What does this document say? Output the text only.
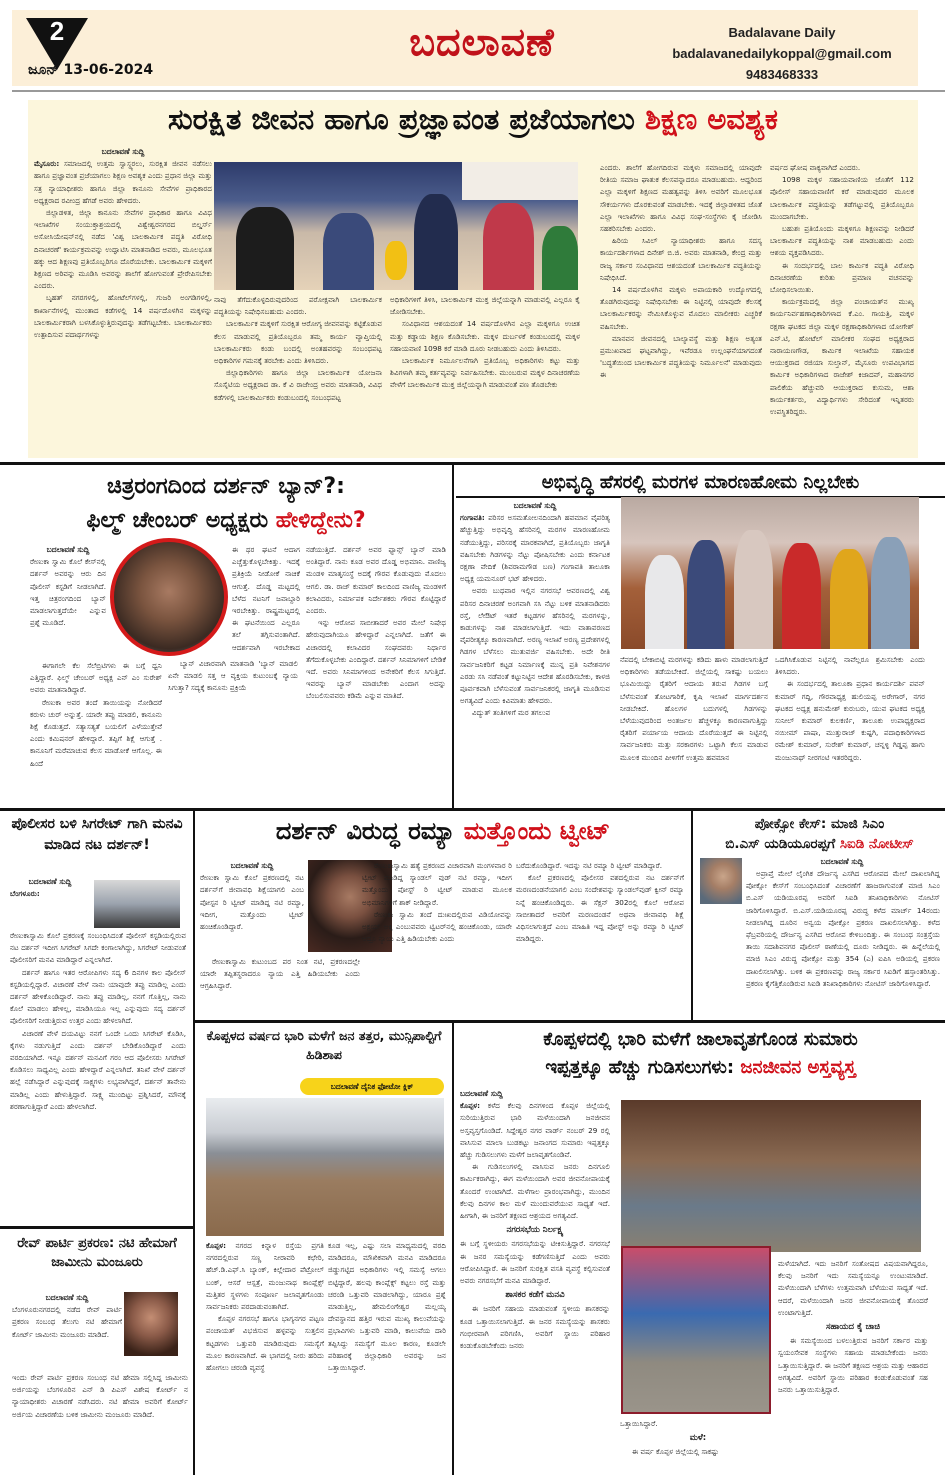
2
ಜೂನ್ 13-06-2024
ಬದಲಾವಣೆ	Badalavane Daily
badalavanedailykoppal@gmail.com
9483468333
ಸುರಕ್ಷಿತ ಜೀವನ ಹಾಗೂ ಪ್ರಜ್ಞಾವಂತ ಪ್ರಜೆಯಾಗಲು ಶಿಕ್ಷಣ ಅವಶ್ಯಕ
ಬದಲಾವಣೆ ಸುದ್ದಿ
ಮೈಸೂರು: ಸಮಾಜದಲ್ಲಿ ಉತ್ತಮ ಸ್ವಾಸ್ಥ್ಯರಲು, ಸುರಕ್ಷಿತ ಜೀವನ ನಡೆಸಲು ಹಾಗೂ ಪ್ರಜ್ಞಾವಂತ ಪ್ರಜೆಯಾಗಲು ಶಿಕ್ಷಣ ಅವಶ್ಯಕ ಎಂದು ಪ್ರಧಾನ ಜಿಲ್ಲಾ ಮತ್ತು ಸತ್ರ ನ್ಯಾಯಾಧೀಶರು ಹಾಗೂ ಜಿಲ್ಲಾ ಕಾನೂನು ಸೇವೆಗಳ ಪ್ರಾಧಿಕಾರದ ಅಧ್ಯಕ್ಷರಾದ ರವೀಂದ್ರ ಹೆಗಡೆ ಅವರು ಹೇಳಿದರು.
ಜಿಲ್ಲಾಡಳಿತ, ಜಿಲ್ಲಾ ಕಾನೂನು ಸೇವೆಗಳ ಪ್ರಾಧಿಕಾರ ಹಾಗೂ ವಿವಿಧ ಇಲಾಖೆಗಳ ಸಂಯುಕ್ತಾಶ್ರಯದಲ್ಲಿ ವಿಶ್ವೇಶ್ವರನಗರದ ಬಿಲ್ಡರ್ಸ್ ಅಸೋಸಿಯೇಷನ್‌ನಲ್ಲಿ ನಡೆದ 'ವಿಶ್ವ ಬಾಲಕಾರ್ಮಿಕ ಪದ್ಧತಿ ವಿರೋಧಿ ದಿನಾಚರಣೆ' ಕಾರ್ಯಕ್ರಮವನ್ನು ಉದ್ಘಾಟಿಸಿ ಮಾತನಾಡಿದ ಅವರು, ಮೂಲಭೂತ ಹಕ್ಕು ಆದ ಶಿಕ್ಷಣವು ಪ್ರತಿಯೊಬ್ಬರಿಗೂ ದೊರೆಯಬೇಕು. ಬಾಲಕಾರ್ಮಿಕ ಮಕ್ಕಳಿಗೆ ಶಿಕ್ಷಣದ ಅರಿವನ್ನು ಮೂಡಿಸಿ ಅವರನ್ನು ಶಾಲೆಗೆ ಹೋಗುವಂತೆ ಪ್ರೇರೇಪಿಸಬೇಕು ಎಂದರು.
ಬೃಹತ್ ನಗರಗಳಲ್ಲಿ, ಹೋಟೆಲ್‌ಗಳಲ್ಲಿ, ಗುಜರಿ ಅಂಗಡಿಗಳಲ್ಲಿ, ಕಾರ್ಖಾನೆಗಳಲ್ಲಿ ಮುಂತಾದ ಕಡೆಗಳಲ್ಲಿ 14 ವರ್ಷದೊಳಗಿನ ಮಕ್ಕಳನ್ನು ಬಾಲಕಾರ್ಮಿಕರಾಗಿ ಬಳಸಿಕೊಳ್ಳುತ್ತಿರುವುದನ್ನು ತಡೆಗಟ್ಟಬೇಕು. ಬಾಲಕಾರ್ಮಿಕರು ಉತ್ಪಾದಿಸುವ ಪದಾರ್ಥಗಳನ್ನು
ನಾವು ತೆಗೆದುಕೊಳ್ಳದಿರುವುದರಿಂದ ಪರೋಕ್ಷವಾಗಿ ಬಾಲಕಾರ್ಮಿಕ ಪದ್ಧತಿಯನ್ನು ನಿಷೇಧಿಸಬಹುದು ಎಂದರು.
ಬಾಲಕಾರ್ಮಿಕ ಮಕ್ಕಳಿಗೆ ಸುರಕ್ಷಿತ ಆರೋಗ್ಯ ಜೀವನವನ್ನು ಕಟ್ಟಿಕೊಡುವ ಕೆಲಸ ಮಾಡುವಲ್ಲಿ ಪ್ರತಿಯೊಬ್ಬರೂ ತಮ್ಮ ಕಾರ್ಯ ವ್ಯಾಪ್ತಿಯಲ್ಲಿ ಬಾಲಕಾರ್ಮಿಕರು ಕಂಡು ಬಂದಲ್ಲಿ ಅಂತಹವರನ್ನು ಸಂಬಂಧಪಟ್ಟ ಅಧಿಕಾರಿಗಳ ಗಮನಕ್ಕೆ ತರಬೇಕು ಎಂದು ತಿಳಿಸಿದರು.
ಜಿಲ್ಲಾಧಿಕಾರಿಗಳು ಹಾಗೂ ಜಿಲ್ಲಾ ಬಾಲಕಾರ್ಮಿಕ ಯೋಜನಾ ಸೊಸೈಟಿಯ ಅಧ್ಯಕ್ಷರಾದ ಡಾ. ಕೆ ವಿ ರಾಜೇಂದ್ರ ಅವರು ಮಾತನಾಡಿ, ವಿವಿಧ ಕಡೆಗಳಲ್ಲಿ ಬಾಲಕಾರ್ಮಿಕರು ಕಂಡುಬಂದಲ್ಲಿ ಸಂಬಂಧಪಟ್ಟ
ಅಧಿಕಾರಿಗಳಿಗೆ ತಿಳಿಸಿ, ಬಾಲಕಾರ್ಮಿಕ ಮುಕ್ತ ಜಿಲ್ಲೆಯನ್ನಾಗಿ ಮಾಡುವಲ್ಲಿ ಎಲ್ಲರೂ ಕೈ ಜೋಡಿಸಬೇಕು.
ಸಂವಿಧಾನದ ಆಶಯದಂತೆ 14 ವರ್ಷದೊಳಗಿನ ಎಲ್ಲಾ ಮಕ್ಕಳಿಗೂ ಉಚಿತ ಮತ್ತು ಕಡ್ಡಾಯ ಶಿಕ್ಷಣ ಕೊಡಿಸಬೇಕು. ಮಕ್ಕಳ ದುರ್ಬಳಕೆ ಕಂಡುಬಂದಲ್ಲಿ ಮಕ್ಕಳ ಸಹಾಯವಾಣಿ 1098 ಕರೆ ಮಾಡಿ ದೂರು ನೀಡಬಹುದು ಎಂದು ತಿಳಿಸಿದರು.
ಬಾಲಕಾರ್ಮಿಕ ನಿರ್ಮೂಲನೆಗಾಗಿ ಪ್ರತಿಯೊಬ್ಬ ಅಧಿಕಾರಿಗಳು ಕಟ್ಟು ಮತ್ತು ಶಿವಿಗಳಾಗಿ ತಮ್ಮ ಕರ್ತವ್ಯವನ್ನು ನಿರ್ವಹಿಸಬೇಕು. ಮುಂಬರುವ ಮಕ್ಕಳ ದಿನಾಚರಣೆಯ ವೇಳೆಗೆ ಬಾಲಕಾರ್ಮಿಕ ಮುಕ್ತ ಜಿಲ್ಲೆಯನ್ನಾಗಿ ಮಾಡುವಂತೆ ಪಣ ತೊಡಬೇಕು
ಎಂದರು. ಶಾಲೆಗೆ ಹೋಗದಿರುವ ಮಕ್ಕಳು ಸಮಾಜದಲ್ಲಿ ಯಾವುದೇ ರೀತಿಯ ಸಮಾಜ ಘಾತುಕ ಕೆಲಸವನ್ನಾದರೂ ಮಾಡಬಹುದು. ಆದ್ದರಿಂದ ಎಲ್ಲಾ ಮಕ್ಕಳಿಗೆ ಶಿಕ್ಷಣದ ಮಹತ್ವವನ್ನು ತಿಳಿಸಿ ಅವರಿಗೆ ಮೂಲಭೂತ ಸೌಕರ್ಯಗಳು ದೊರಕುವಂತೆ ಮಾಡಬೇಕು. ಇದಕ್ಕೆ ಜಿಲ್ಲಾಡಳಿತದ ಜೊತೆ ಎಲ್ಲಾ ಇಲಾಖೆಗಳು ಹಾಗೂ ವಿವಿಧ ಸಂಘ-ಸಂಸ್ಥೆಗಳು ಕೈ ಜೋಡಿಸಿ ಸಹಕರಿಸಬೇಕು ಎಂದರು.
ಹಿರಿಯ ಸಿವಿಲ್ ನ್ಯಾಯಾಧೀಶರು ಹಾಗೂ ಸದಸ್ಯ ಕಾರ್ಯದರ್ಶಿಗಳಾದ ದಿನೇಶ್ ಬಿ.ಜಿ. ಅವರು ಮಾತನಾಡಿ, ಕೇಂದ್ರ ಮತ್ತು ರಾಜ್ಯ ಸರ್ಕಾರ ಸಂವಿಧಾನದ ಆಶಯದಂತೆ ಬಾಲಕಾರ್ಮಿಕ ಪದ್ಧತಿಯನ್ನು ನಿಷೇಧಿಸಿದೆ.
14 ವರ್ಷದೊಳಗಿನ ಮಕ್ಕಳು ಅಪಾಯಕಾರಿ ಉದ್ಯೋಗದಲ್ಲಿ ತೊಡಗಿರುವುದನ್ನು ನಿಷೇಧಿಸಬೇಕು ಈ ನಿಟ್ಟಿನಲ್ಲಿ ಯಾವುದೇ ಕೆಲಸಕ್ಕೆ ಬಾಲಕಾರ್ಮಿಕರನ್ನು ನೇಮಿಸಿಕೊಳ್ಳುವ ಮೊದಲು ಮಾಲೀಕರು ಎಚ್ಚರಿಕೆ ವಹಿಸಬೇಕು.
ಮಾನವನ ಜೀವನದಲ್ಲಿ ಬಾಲ್ಯಾವಸ್ಥೆ ಮತ್ತು ಶಿಕ್ಷಣ ಅತ್ಯಂತ ಪ್ರಮುಖವಾದ ಘಟ್ಟವಾಗಿದ್ದು, ಇವೆರಡೂ ಉಲ್ಲಂಘನೆಯಾಗದಂತೆ 'ಬದ್ಧತೆಯಿಂದ ಬಾಲಕಾರ್ಮಿಕ ಪದ್ಧತಿಯನ್ನು ನಿರ್ಮೂಲನೆ' ಮಾಡುವುದು ಈ
ವರ್ಷದ ಘೋಷ ವಾಕ್ಯವಾಗಿದೆ ಎಂದರು.
1098 ಮಕ್ಕಳ ಸಹಾಯವಾಣಿಯ ಜೊತೆಗೆ 112 ಪೊಲೀಸ್ ಸಹಾಯವಾಣಿಗೆ ಕರೆ ಮಾಡುವುದರ ಮೂಲಕ ಬಾಲಕಾರ್ಮಿಕ ಪದ್ಧತಿಯನ್ನು ತಡೆಗಟ್ಟುವಲ್ಲಿ ಪ್ರತಿಯೊಬ್ಬರೂ ಮುಂದಾಗಬೇಕು.
ಬಹುಶಃ ಪ್ರತಿಯೊಂದು ಮಕ್ಕಳಿಗೂ ಶಿಕ್ಷಣವನ್ನು ನೀಡಿದರೆ ಬಾಲಕಾರ್ಮಿಕ ಪದ್ಧತಿಯನ್ನು ನಾಶ ಮಾಡಬಹುದು ಎಂದು ಆಶಯ ವ್ಯಕ್ತಪಡಿಸಿದರು.
ಈ ಸಂದರ್ಭದಲ್ಲಿ ಬಾಲ ಕಾರ್ಮಿಕ ಪದ್ಧತಿ ವಿರೋಧಿ ದಿನಾಚರಣೆಯ ಕುರಿತು ಪ್ರಮಾಣ ವಚನವನ್ನು ಬೋಧಿಸಲಾಯಿತು.
ಕಾರ್ಯಕ್ರಮದಲ್ಲಿ ಜಿಲ್ಲಾ ಪಂಚಾಯತ್‌ನ ಮುಖ್ಯ ಕಾರ್ಯನಿರ್ವಹಣಾಧಿಕಾರಿಗಳಾದ ಕೆ.ಎಂ. ಗಾಯತ್ರಿ, ಮಕ್ಕಳ ರಕ್ಷಣಾ ಘಟಕದ ಜಿಲ್ಲಾ ಮಕ್ಕಳ ರಕ್ಷಣಾಧಿಕಾರಿಗಳಾದ ಯೋಗೇಶ್ ಎನ್.ಟಿ, ಹೋಟೆಲ್ ಮಾಲೀಕರ ಸಂಘದ ಅಧ್ಯಕ್ಷರಾದ ನಾರಾಯಣಗೌಡ, ಕಾರ್ಮಿಕ ಇಲಾಖೆಯ ಸಹಾಯಕ ಆಯುಕ್ತರಾದ ರಜಿಯಾ ಸುಲ್ತಾನ್, ಮೈಸೂರು ಉಪವಿಭಾಗದ ಕಾರ್ಮಿಕ ಅಧಿಕಾರಿಗಳಾದ ರಾಜೇಶ್ ಕಿಜಾದವ್, ಮಹಾನಗರ ಪಾಲಿಕೆಯ ಹೆಚ್ಚುವರಿ ಆಯುಕ್ತರಾದ ಕುಸುಮ, ಆಶಾ ಕಾರ್ಯಕರ್ತರು, ವಿದ್ಯಾರ್ಥಿಗಳು ಸೇರಿದಂತೆ ಇನ್ನಿತರರು ಉಪಸ್ಥಿತರಿದ್ದರು.
ಚಿತ್ರರಂಗದಿಂದ ದರ್ಶನ್ ಬ್ಯಾನ್?:
ಫಿಲ್ಮ್ ಚೇಂಬರ್ ಅಧ್ಯಕ್ಷರು ಹೇಳಿದ್ದೇನು?
ಬದಲಾವಣೆ ಸುದ್ದಿ
ರೇಣುಕಾ ಸ್ವಾಮಿ ಕೊಲೆ ಕೇಸ್‌ನಲ್ಲಿ ದರ್ಶನ್ ಅವರನ್ನು ಆರು ದಿನ ಪೊಲೀಸ್ ಕಸ್ಟಡಿಗೆ ನೀಡಲಾಗಿದೆ. ಇತ್ತ ಚಿತ್ರರಂಗದಿಂದ ಬ್ಯಾನ್ ಮಾಡಲಾಗುತ್ತದೆಯೇ ಎನ್ನುವ ಪ್ರಶ್ನೆ ಮೂಡಿದೆ.
ಈಗಾಗಲೇ ಕೆಲ ಸೆಲೆಬ್ರಿಟಿಗಳು ಈ ಬಗ್ಗೆ ಧ್ವನಿ ಎತ್ತಿದ್ದಾರೆ. ಫಿಲ್ಮ್ ಚೇಂಬರ್ ಅಧ್ಯಕ್ಷ ಎನ್ ಎಂ ಸುರೇಶ್ ಅವರು ಮಾತನಾಡಿದ್ದಾರೆ.
ರೇಣುಕಾ ಅವರ ತಂದೆ ತಾಯಿಯನ್ನು ನೋಡಿದರೆ ಕರುಳು ಚುರ್ ಅನ್ನುತ್ತೆ. ಯಾರೇ ತಪ್ಪು ಮಾಡಲಿ, ಕಾನೂನು ಶಿಕ್ಷೆ ಕೊಡುತ್ತದೆ. ಸತ್ಯಾಸತ್ಯತೆ ಬಯಲಿಗೆ ಎಳೆಯುತ್ತೇವೆ ಎಂದು ಕಮಿಷನರ್ ಹೇಳಿದ್ದಾರೆ. ತಪ್ಪಿಗೆ ಶಿಕ್ಷೆ ಆಗುತ್ತೆ . ಕಾನೂನಿಗೆ ಮರೆಮಾಚುವ ಕೆಲಸ ಮಾಡೋಕೆ ಆಗೊಲ್ಲ. ಈ ಹಿಂದೆ
ಬ್ಯಾನ್ ವಿಚಾರವಾಗಿ ಮಾತನಾಡಿ 'ಬ್ಯಾನ್ ಮಾಡಲಿ ಏನೇ ಮಾಡಲಿ ಸತ್ತ ಆ ವ್ಯಕ್ತಿಯ ಕುಟುಂಬಕ್ಕೆ ನ್ಯಾಯ ಸಿಗುತ್ತಾ? ಸದ್ಯಕ್ಕೆ ಕಾನೂನು ಪ್ರಕ್ರಿಯೆ
ಈ ಥರ ಘಟನೆ ಆದಾಗ ಎಚ್ಚೆತ್ತುಕೊಳ್ಳಬೇಕಿತ್ತು. ಇದಕ್ಕೆ ಪ್ರತಿಕ್ರಿಯೆ ನೀಡೋಕೆ ನಾಚಿಕೆ ಆಗುತ್ತೆ. ದೊಡ್ಡ ಮಟ್ಟದಲ್ಲಿ ಬೆಳೆದ ನಟನಿಗೆ ಜವಾಬ್ದಾರಿ ಇರಬೇಕಿತ್ತು. ರಾಷ್ಟ್ರಮಟ್ಟದಲ್ಲಿ ಈ ಘಟನೆಯಿಂದ ಎಲ್ಲರೂ ತಲೆ ತಗ್ಗಿಸುವಂತಾಗಿದೆ. ಆದರ್ಶವಾಗಿ ಇರಬೇಕಾದ
ನಡೆಯುತ್ತಿದೆ. ದರ್ಶನ್ ಅವರ ಫ್ಯಾನ್ಸ್ ಬ್ಯಾನ್ ಮಾಡಿ ಅಂತಿದ್ದಾರೆ. ನಾನು ಕೂಡ ಅವರ ದೊಡ್ಡ ಅಭಿಮಾನಿ. ವಾಣಿಜ್ಯ ಮಂಡಳಿ ಮಾತೃಸಂಸ್ಥೆ ಅದಕ್ಕೆ ಗೌರವ ಕೊಡುವುದು ಮೊದಲು ಆಗಲಿ. ಡಾ. ರಾಜ್ ಕುಮಾರ್ ಕಾಲದಿಂದ ವಾಣಿಜ್ಯ ಮಂಡಳಿಗೆ ಕಲಾವಿದರು, ನಿರ್ಮಾಪಕ ನಿರ್ದೇಶಕರು ಗೌರವ ಕೊಟ್ಟಿದ್ದಾರೆ ಎಂದರು.
ಇನ್ನು ಆರೋಪ ಸಾಬೀತಾದರೆ ಅವರ ಮೇಲೆ ನಿಷೇಧ ಹೇರುವುದಾಗಿಯೂ ಹೇಳಿದ್ದಾರೆ ಎನ್ನಲಾಗಿದೆ. ಜತೆಗೆ ಈ ವಿಚಾರದಲ್ಲಿ ಕಲಾವಿದರ ಸಂಘದವರು ನಿರ್ಧಾರ ತೆಗೆದುಕೊಳ್ಳಬೇಕು ಎಂದಿದ್ದಾರೆ. ದರ್ಶನ್ ಸಿನಿಮಾಗಳಿಗೆ ಬೇಡಿಕೆ ಇದೆ. ಅವರು ಸಿನಿಮಾಗಳಿಂದ ಅನೇಕರಿಗೆ ಕೆಲಸ ಸಿಗುತ್ತಿದೆ. ಇವರನ್ನು ಬ್ಯಾನ್ ಮಾಡಬೇಕು ಎಂದಾಗ ಅದನ್ನು ಬೆಂಬಲಿಸುವವರು ಕಡಿಮೆ ಎನ್ನುವ ಮಾತಿದೆ.
ಅಭಿವೃದ್ಧಿ ಹೆಸರಲ್ಲಿ ಮರಗಳ ಮಾರಣಹೋಮ ನಿಲ್ಲಬೇಕು
ಬದಲಾವಣೆ ಸುದ್ದಿ
ಗಂಗಾವತಿ: ಪರಿಸರ ಅಸಮತೋಲನದಿಂದಾಗಿ ಹವಮಾನ ವೈಪರಿತ್ಯ ಹೆಚ್ಚುತ್ತಿದ್ದು ಅಭಿವೃದ್ಧಿ ಹೆಸರಿನಲ್ಲಿ ಮರಗಳ ಮಾರಣಹೋಮ ನಡೆಯುತ್ತಿದ್ದು, ಪರಿಸರಕ್ಕೆ ಮಾರಕವಾಗಿದೆ, ಪ್ರತಿಯೊಬ್ಬರು ಜಾಗೃತಿ ವಹಿಸಬೇಕು ಗಿಡಗಳನ್ನು ನೆಟ್ಟು ಪೋಷಿಸಬೇಕು ಎಂದು ಕರ್ನಾಟಕ ರಕ್ಷಣಾ ವೇದಿಕೆ (ಶಿವರಾಮಗೌಡ ಬಣ) ಗಂಗಾವತಿ ತಾಲೂಕಾ ಅಧ್ಯಕ್ಷ ಯಮನೂರ್ ಭಟ್ ಹೇಳಿದರು.
ಅವರು ಬುಧವಾರ ಇಲ್ಲಿನ ನಗರಸಭೆ ಆವರಣದಲ್ಲಿ ವಿಶ್ವ ಪರಿಸರ ದಿನಾಚರಣೆ ಅಂಗವಾಗಿ ಸಸಿ ನೆಟ್ಟು ಬಳಿಕ ಮಾತನಾಡಿದರು ರಸ್ತೆ, ಲೇಔಟ್ ಇತರೆ ಕಟ್ಟಡಗಳ ಹೆಸರಿನಲ್ಲಿ ಮರಗಳನ್ನು, ಕಾಡುಗಳನ್ನು ನಾಶ ಮಾಡಲಾಗುತ್ತಿದೆ. ಇದು ವಾತಾವರಣದ ವೈಪರೀತ್ಯಕ್ಕೂ ಕಾರಣವಾಗಿದೆ. ಅರಣ್ಯ ಇಲಾಖೆ ಅರಣ್ಯ ಪ್ರದೇಶಗಳಲ್ಲಿ ಗಿಡಗಳ ಬೆಳೆಸಲು ಮುತುವರ್ಜಿ ವಹಿಸಬೇಕು. ಅದೇ ರೀತಿ ಸಾರ್ವಜನಿಕರಿಗೆ ಕಟ್ಟಡ ನಿರ್ಮಾಣಕ್ಕೆ ಮುನ್ನ ಪ್ರತಿ ನಿವೇಶನಗಳ ಎರಡು ಸಸಿ ನಡೆವಂತೆ ಕಟ್ಟುನಿಟ್ಟಿನ ಆದೇಶ ಹೊರಡಿಸಬೇಕು, ಕಾಳಜಿ ಪೂರ್ವಕವಾಗಿ ಬೆಳೆಸುವಂತೆ ಸಾರ್ವಜನಿಕರಲ್ಲಿ ಜಾಗೃತಿ ಮೂಡಿಸುವ ಅಗತ್ಯವಿದೆ ಎಂದು ಕಿವಿಮಾತು ಹೇಳಿದರು.
ವಿದ್ಯುತ್ ತಂತಿಗಳಿಗೆ ಮರ ತಗಲುವ
ನೆಪದಲ್ಲಿ ಬೇಕಾಬಿಟ್ಟಿ ಮರಗಳನ್ನು ಕಡಿದು ಹಾಳು ಮಾಡಲಾಗುತ್ತಿದೆ ಅಧಿಕಾರಿಗಳು ತಡೆಯಬೇಕಿದೆ. ಜಿಲ್ಲೆಯಲ್ಲಿ ಸಾಕಷ್ಟು ಬಯಲು ಭೂಮಿಯಿದ್ದು ರೈತರಿಗೆ ಆದಾಯ ತರುವ ಗಿಡಗಳ ಬಗ್ಗೆ ಬೆಳೆಸುವಂತೆ ತೋಟಗಾರಿಕೆ, ಕೃಷಿ ಇಲಾಖೆ ಮಾರ್ಗದರ್ಶನ ನೀಡಬೇಕಿದೆ. ಹೊಲಗಳ ಬದುಗಳಲ್ಲಿ ಗಿಡಗಳನ್ನು ಬೆಳೆಯುವುದರಿಂದ ಅಂತರ್ಜಲ ಹೆಚ್ಚಳಕ್ಕೂ ಕಾರಣವಾಗುತ್ತಿದ್ದು ರೈತರಿಗೆ ಪರ್ಯಾಯ ಆದಾಯ ದೊರೆಯುತ್ತದೆ ಈ ನಿಟ್ಟಿನಲ್ಲಿ ಸಾರ್ವಜನಿಕರು ಮತ್ತು ಸರಕಾರಗಳು ಒಟ್ಟಾಗಿ ಕೆಲಸ ಮಾಡುವ ಮೂಲಕ ಮುಂದಿನ ಪೀಳಿಗೆಗೆ ಉತ್ತಮ ಹವಮಾನ
ಒದಗಿಸಿಕೊಡುವ ನಿಟ್ಟಿನಲ್ಲಿ ನಾವೆಲ್ಲರೂ ಶ್ರಮಿಸಬೇಕು ಎಂದು ತಿಳಿಸಿದರು.
ಈ ಸಂದರ್ಭದಲ್ಲಿ ತಾಲೂಕಾ ಪ್ರಧಾನ ಕಾರ್ಯದರ್ಶಿ ಪವನ್ ಕುಮಾರ್ ಗದ್ದಿ, ಗೌರವಾಧ್ಯಕ್ಷ ಹುಲಿಯಪ್ಪ ಅರೇಗಾರ್, ನಗರ ಘಟಕದ ಅಧ್ಯಕ್ಷ ಹನುಮೇಶ್ ಕುರುಬರು, ಯುವ ಘಟಕದ ಅಧ್ಯಕ್ಷ ಸುನೀಲ್ ಕುಮಾರ್ ಕುಲಕರ್ಣಿ, ತಾಲೂಕು ಉಪಾಧ್ಯಕ್ಷರಾದ ನಯೀಮ್ ಪಾಷಾ, ಮುತ್ತುರಾಜ್ ಕುಷ್ಟಗಿ, ಪದಾಧಿಕಾರಿಗಳಾದ ರಮೇಶ್ ಕುಮಾರ್, ಸುರೇಶ್ ಕುಮಾರ್, ಚನ್ನಳ್ಳಿ ಗಿಡ್ಡಪ್ಪ ಹಾಗು ಮಂಜುನಾಥ್ ನೀರಗಂಟಿ ಇತರರಿದ್ದರು.
ಪೊಲೀಸರ ಬಳಿ ಸಿಗರೇಟ್ ಗಾಗಿ ಮನವಿ ಮಾಡಿದ ನಟ ದರ್ಶನ್!
ಬದಲಾವಣೆ ಸುದ್ದಿ
ಬೆಂಗಳೂರು:
ರೇಣುಕಾಸ್ವಾಮಿ ಕೊಲೆ ಪ್ರಕರಣಕ್ಕೆ ಸಂಬಂಧಿಸಿದಂತೆ ಪೊಲೀಸ್ ಕಸ್ಟಡಿಯಲ್ಲಿರುವ ನಟ ದರ್ಶನ್ ಇದೀಗ ಸಿಗರೇಟ್ ಸಿಗದೇ ಕಂಗಾಲಾಗಿದ್ದು, ಸಿಗರೇಟ್ ನೀಡುವಂತೆ ಪೊಲೀಸರಿಗೆ ಮನವಿ ಮಾಡಿದ್ದಾರೆ ಎನ್ನಲಾಗಿದೆ.
ದರ್ಶನ್ ಹಾಗೂ ಇತರ ಆರೋಪಿಗಳು ಸದ್ಯ 6 ದಿನಗಳ ಕಾಲ ಪೊಲೀಸ್ ಕಸ್ಟಡಿಯಲ್ಲಿದ್ದಾರೆ. ವಿಚಾರಣೆ ವೇಳೆ ನಾನು ಯಾವುದೇ ತಪ್ಪು ಮಾಡಿಲ್ಲ ಎಂದು ದರ್ಶನ್ ಹೇಳಿಕೊಂಡಿದ್ದಾರೆ. ನಾನು ತಪ್ಪು ಮಾಡಿಲ್ಲ, ನನಗೆ ಗೊತ್ತಿಲ್ಲ, ನಾನು ಕೊಲೆ ಮಾಡಲು ಹೇಳಿಲ್ಲ, ಮಾಡಿಸಿಯೂ ಇಲ್ಲ ಎನ್ನುವುದು ಸದ್ಯ ದರ್ಶನ್ ಪೊಲೀಸರಿಗೆ ನೀಡುತ್ತಿರುವ ಉತ್ತರ ಎಂದು ಹೇಳಲಾಗಿದೆ.
ವಿಚಾರಣೆ ವೇಳೆ ದಯವಿಟ್ಟು ನನಗೆ ಒಂದೇ ಒಂದು ಸಿಗರೇಟ್ ಕೊಡಿಸಿ, ಕೈಗಳು ನಡುಗುತ್ತಿದೆ ಎಂದು ದರ್ಶನ್ ಬೇಡಿಕೊಂಡಿದ್ದಾರೆ ಎಂದು ವರದಿಯಾಗಿದೆ. ಇನ್ನೂ ದರ್ಶನ್ ಮನವಿಗೆ ಗರಂ ಆದ ಪೊಲೀಸರು ಸಿಗರೇಟ್ ಕೊಡಿಸಲು ಸಾಧ್ಯವಿಲ್ಲ ಎಂದು ಹೇಳಿದ್ದಾರೆ ಎನ್ನಲಾಗಿದೆ. ತನಿಖೆ ವೇಳೆ ದರ್ಶನ್ ಹಲ್ಲೆ ನಡೆಸಿದ್ದಾರೆ ಎನ್ನುವುದಕ್ಕೆ ಸಾಕ್ಷ್ಯಗಳು ಲಭ್ಯವಾಗಿದ್ದರೆ, ದರ್ಶನ್ ತಾನೇನು ಮಾಡಿಲ್ಲ ಎಂದು ಹೇಳುತ್ತಿದ್ದಾರೆ. ಸಾಕ್ಷ್ಯ ಮುಂದಿಟ್ಟು ಪ್ರಶ್ನಿಸಿದರೆ, ಮೌನಕ್ಕೆ ಶರಣಾಗುತ್ತಿದ್ದಾರೆ ಎಂದು ಹೇಳಲಾಗಿದೆ.
ದರ್ಶನ್ ವಿರುದ್ಧ ರಮ್ಯಾ ಮತ್ತೊಂದು ಟ್ವೀಟ್
ಬದಲಾವಣೆ ಸುದ್ದಿ
ರೇಣುಕಾ ಸ್ವಾಮಿ ಕೊಲೆ ಪ್ರಕರಣದಲ್ಲಿ ನಟ ದರ್ಶನ್‌ಗೆ ಜೀವಾವಧಿ ಶಿಕ್ಷೆಯಾಗಲಿ ಎಂಬ ಪೋಸ್ಟನ ರಿ ಟ್ವೀಟ್ ಮಾಡಿದ್ದ ನಟಿ ರಮ್ಯಾ, ಇದೀಗ, ಮತ್ತೊಂದು ಟ್ವೀಟ್ ಹಂಚಿಕೊಂಡಿದ್ದಾರೆ.
ರೇಣುಕಾಸ್ವಾಮಿ ಕುಟುಂಬದ ಪರ ನಿಂತ ನಟಿ, ಪ್ರಕರಣದಲ್ಲೇ ಯಾರೇ ತಪ್ಪಿತಸ್ಥರಾದರೂ ನ್ಯಾಯ ಎತ್ತಿ ಹಿಡಿಯಬೇಕು ಎಂದು ಆಗ್ರಹಿಸಿದ್ದಾರೆ.
ರೇಣುಕಾಸ್ವಾಮಿ ಹತ್ಯೆ ಪ್ರಕರಣದ ವಿಚಾರವಾಗಿ ಮಂಗಳವಾರ ರಿ ಟ್ವೀಟ್ ಮಾಡಿದ್ದ ಸ್ಯಾಂಡಲ್ ವುಡ್ ನಟಿ ರಮ್ಯಾ, ಇದೀಗ ಮತ್ತೊಂದು ಪೋಸ್ಟ್ ರಿ ಟ್ವೀಟ್ ಮಾಡುವ ಮೂಲಕ ಅಭಿಮಾನಿಗಳಿಗೆ ಶಾಕ್ ನೀಡಿದ್ದಾರೆ.
ರೇಣುಕಾ ಸ್ವಾಮಿ ತಂದೆ ದುಃಖದಲ್ಲಿರುವ ವಿಡಿಯೋವನ್ನು ಅಕ್ಷಯ್ ಅಕ್ಕಿ ಎಂಬುವವರು ಟ್ವಿಟರ್‌ನಲ್ಲಿ ಹಂಚಿಕೊಂಡು, ಯಾರೇ ಆದ್ರೂ ನ್ಯಾಯ ಎತ್ತಿ ಹಿಡಿಯಬೇಕು ಎಂದು
ಬರೆದುಕೊಂಡಿದ್ದಾರೆ. ಇದನ್ನು ನಟಿ ರಮ್ಯಾ ರಿ ಟ್ವೀಟ್ ಮಾಡಿದ್ದಾರೆ.
ಕೊಲೆ ಪ್ರಕರಣದಲ್ಲಿ ಪೊಲೀಸರ ವಶದಲ್ಲಿರುವ ನಟ ದರ್ಶನ್‌ಗೆ ಮರಣದಂಡನೆಯಾಗಲಿ ಎಂಬ ಸಂದೇಶವನ್ನು ಸ್ಯಾಂಡಲ್‌ವುಡ್ ಕ್ವೀನ್ ರಮ್ಯಾ ನಿನ್ನೆ ಹಂಚಿಕೊಂಡಿದ್ದರು. ಈ ಸೆಕ್ಷನ್ 302ರಲ್ಲಿ ಕೊಲೆ ಆರೋಪ ಸಾಬೀತಾದರೆ ಅವರಿಗೆ ಮರಣದಂಡನೆ ಅಥವಾ ಜೀವಾವಧಿ ಶಿಕ್ಷೆ ವಿಧಿಸಲಾಗುತ್ತದೆ ಎಂಬ ಮಾಹಿತಿ ಇದ್ದ ಪೋಸ್ಟ್ ಅನ್ನು ರಮ್ಯಾ ರಿ ಟ್ವೀಟ್ ಮಾಡಿದ್ದರು.
ಪೋಕ್ಸೋ ಕೇಸ್: ಮಾಜಿ ಸಿಎಂ
ಬಿ.ಎಸ್ ಯಡಿಯೂರಪ್ಪಗೆ ಸಿಐಡಿ ನೋಟೀಸ್
ಬದಲಾವಣೆ ಸುದ್ದಿ
ಅಪ್ರಾಪ್ತೆ ಮೇಲೆ ಲೈಂಗಿಕ ದೌರ್ಜನ್ಯ ಎಸಗಿದ ಆರೋಪದ ಮೇಲೆ ದಾಖಲಾಗಿದ್ದ ಪೋಕ್ಸೋ ಕೇಸ್‌ಗೆ ಸಂಬಂಧಿಸಿದಂತೆ ವಿಚಾರಣೆಗೆ ಹಾಜರಾಗುವಂತೆ ಮಾಜಿ ಸಿಎಂ ಬಿ.ಎಸ್ ಯಡಿಯೂರಪ್ಪ ಅವರಿಗೆ ಸಿಐಡಿ ತನಿಖಾಧಿಕಾರಿಗಳು ನೋಟಿಸ್ ಜಾರಿಗೊಳಿಸಿದ್ದಾರೆ. ಬಿ.ಎಸ್.ಯಡಿಯೂರಪ್ಪ ವಿರುದ್ಧ ಕಳೆದ ಮಾರ್ಚ್ 14ರಂದು ನೀಡಲಾಗಿದ್ದ ದೂರಿನ ಅನ್ವಯ ಪೋಕ್ಸೋ ಪ್ರಕರಣ ದಾಖಲಿಸಲಾಗಿತ್ತು. ಕಳೆದ ಫೆಬ್ರವರಿಯಲ್ಲಿ ದೌರ್ಜನ್ಯ ಎಸಗಿದ ಆರೋಪ ಕೇಳಿಬಂದಿತ್ತು. ಈ ಸಂಬಂಧ ಸಂತ್ರಸ್ತೆಯ ತಾಯಿ ಸದಾಶಿವನಗರ ಪೊಲೀಸ್ ಠಾಣೆಯಲ್ಲಿ ದೂರು ನೀಡಿದ್ದರು. ಈ ಹಿನ್ನೆಲೆಯಲ್ಲಿ ಮಾಜಿ ಸಿಎಂ ವಿರುದ್ಧ ಪೋಕ್ಸೋ ಮತ್ತು 354 (ಎ) ಐಪಿಸಿ ಅಡಿಯಲ್ಲಿ ಪ್ರಕರಣ ದಾಖಲಿಸಲಾಗಿತ್ತು. ಬಳಿಕ ಈ ಪ್ರಕರಣವನ್ನು ರಾಜ್ಯ ಸರ್ಕಾರ ಸಿಐಡಿಗೆ ಹಸ್ತಾಂತರಿಸಿತ್ತು. ಪ್ರಕರಣ ಕೈಗೆತ್ತಿಕೊಂಡಿರುವ ಸಿಐಡಿ ತನಿಖಾಧಿಕಾರಿಗಳು ನೋಟಿಸ್ ಜಾರಿಗೊಳಿಸಿದ್ದಾರೆ.
ರೇವ್ ಪಾರ್ಟಿ ಪ್ರಕರಣ: ನಟಿ ಹೇಮಾಗೆ ಜಾಮೀನು ಮಂಜೂರು
ಬದಲಾವಣೆ ಸುದ್ದಿ
ಬೆಂಗಳೂರುನಗರದಲ್ಲಿ ನಡೆದ ರೇವ್ ಪಾರ್ಟಿ ಪ್ರಕರಣ ಸಂಬಂಧ ತೆಲುಗು ನಟಿ ಹೇಮಾಗೆ ಕೋರ್ಟ್ ಜಾಮೀನು ಮಂಜೂರು ಮಾಡಿದೆ.
ಇಂದು ರೇವ್ ಪಾರ್ಟಿ ಪ್ರಕರಣ ಸಂಬಂಧ ನಟಿ ಹೇಮಾ ಸಲ್ಲಿಸಿದ್ದ ಜಾಮೀನು ಅರ್ಜಿಯನ್ನು ಬೆಂಗಳೂರಿನ ಎನ್ ಡಿ ಪಿಎಸ್ ವಿಶೇಷ ಕೋರ್ಟ್ ನ ನ್ಯಾಯಾಧೀಶರು ವಿಚಾರಣೆ ನಡೆಸಿದರು. ನಟಿ ಹೇಮಾ ಅವರಿಗೆ ಕೋರ್ಟ್ ಅರ್ಜಿಯ ವಿಚಾರಣೆಯ ಬಳಿಕ ಜಾಮೀನು ಮಂಜೂರು ಮಾಡಿದೆ.
ಕೊಪ್ಪಳದ ವರ್ಷದ ಭಾರಿ ಮಳೆಗೆ ಜನ ತತ್ತರ, ಮುನ್ಸಿಪಾಲ್ಟಿಗೆ ಹಿಡಿಶಾಪ
ಬದಲಾವಣೆ ದೈನಿಕ ಫೋಟೋ ಕ್ಲಿಕ್
ಕೊಪ್ಪಳ: ನಗರದ ಕಿನ್ನಾಳ ರಸ್ತೆಯ ಪ್ರಗತಿ ನಗರದಲ್ಲಿರುವ ಸಣ್ಣ ನೀರಾವರಿ ಕಛೇರಿ, ಹೆಚ್.ಡಿ.ಎಫ್.ಸಿ ಬ್ಯಾಂಕ್, ಕಿಲ್ಲೇದಾರ ಪೆಟ್ರೋಲ್ ಬಂಕ್, ಆಸರೆ ಆಸ್ಪತ್ರೆ, ಮಂಜುನಾಥ ಕಾಂಪ್ಲೆಕ್ಸ್ ಮತ್ತಿತರ ಸ್ಥಳಗಳು ಸಂಪೂರ್ಣ ಜಲಾವೃತಗೊಂಡು ಸಾರ್ವಜನಿಕರು ಪರದಾಡುವಂತಾಗಿದೆ.
ಕೊಪ್ಪಳ ನಗರಸಭೆ ಹಾಗೂ ಭಾಗ್ಯನಗರ ಪಟ್ಟಣ ಪಂಚಾಯತ್ ವಿಭಜಿಸುವ ಹಳ್ಳವನ್ನು ಸುತ್ತಲಿನ ಕಟ್ಟಡಗಳು ಒತ್ತುವರಿ ಮಾಡಿರುವುದು ಸಮಸ್ಯೆಗೆ ಮೂಲ ಕಾರಣವಾಗಿದೆ. ಈ ಭಾಗದಲ್ಲಿ ನೀರು ಹರಿದು ಹೋಗಲು ಚರಂಡಿ ವ್ಯವಸ್ಥೆ
ಕೂಡ ಇಲ್ಲ, ಎಷ್ಟು ಸಲಾ ಮಾಧ್ಯಮದಲ್ಲಿ ವರದಿ ಮಾಡಿದರೂ, ಮೌಖಿಕವಾಗಿ ಮನವಿ ಮಾಡಿದರೂ ಜಿಡ್ಡುಗಟ್ಟಿದ ಅಧಿಕಾರಿಗಳು ಇಲ್ಲಿ ಸಮಸ್ಯೆ ಆಗಲು ಬಿಟ್ಟಿದ್ದಾರೆ, ಹಲವು ಕಾಂಪ್ಲೆಕ್ಸ್ ಕಟ್ಟಲು ರಸ್ತೆ ಮತ್ತು ಚರಂಡಿ ಒತ್ತುವರಿ ಮಾಡಲಾಗಿದ್ದು, ಯಾರೂ ಪ್ರಶ್ನೆ ಮಾಡುತ್ತಿಲ್ಲ, ಹೇಮಲಿಂಗೇಶ್ವರ ಮಲ್ಲಯ್ಯ ದೇವಸ್ಥಾನದ ಹತ್ತಿರ ಇರುವ ಮುಖ್ಯ ಕಾಲುವೆಯನ್ನು ಪ್ರಭಾವಿಗಳು ಒತ್ತುವರಿ ಮಾಡಿ, ಕಾಲುವೆಯ ದಾರಿ ತಪ್ಪಿಸಿದ್ದು ಸಮಸ್ಯೆಗೆ ಮೂಲ ಕಾರಣ, ಕೂಡಲೇ ಪರಿಹಾರಕ್ಕೆ ಜಿಲ್ಲಾಧಿಕಾರಿ ಅವರನ್ನು ಜನ ಒತ್ತಾಯಿಸಿದ್ದಾರೆ.
ಕೊಪ್ಪಳದಲ್ಲಿ ಭಾರಿ ಮಳೆಗೆ ಜಾಲಾವೃತಗೊಂಡ ಸುಮಾರು
ಇಪ್ಪತ್ತಕ್ಕೂ ಹೆಚ್ಚು ಗುಡಿಸಲುಗಳು: ಜನಜೀವನ ಅಸ್ತವ್ಯಸ್ತ
ಬದಲಾವಣೆ ಸುದ್ದಿ
ಕೊಪ್ಪಳ: ಕಳೆದ ಕೆಲವು ದಿನಗಳಿಂದ ಕೊಪ್ಪಳ ಜಿಲ್ಲೆಯಲ್ಲಿ ಸುರಿಯುತ್ತಿರುವ ಭಾರಿ ಮಳೆಯಿಂದಾಗಿ ಜನಜೀವನ ಅಸ್ತವ್ಯಸ್ತಗೊಂಡಿದೆ. ಸಿದ್ದೇಶ್ವರ ನಗರ ವಾರ್ಡ್ ನಂಬರ್ 29 ರಲ್ಲಿ ವಾಸಿಸುವ ಮಾಲಾ ಬುಡಕಟ್ಟು ಜನಾಂಗದ ಸುಮಾರು ಇಪ್ಪತ್ತಕ್ಕೂ ಹೆಚ್ಚು ಗುಡಿಸಲುಗಳು ಮಳೆಗೆ ಜಲಾವೃತಗೊಂಡಿವೆ.
ಈ ಗುಡಿಸಲುಗಳಲ್ಲಿ ವಾಸಿಸುವ ಜನರು ದಿನಗೂಲಿ ಕಾರ್ಮಿಕರಾಗಿದ್ದು, ಈಗ ಮಳೆಯಿಂದಾಗಿ ಅವರ ಜೀವನೋಪಾಯಕ್ಕೆ ತೊಂದರೆ ಉಂಟಾಗಿದೆ. ಮಳೆಗಾಲ ಪ್ರಾರಂಭವಾಗಿದ್ದು, ಮುಂದಿನ ಕೆಲವು ದಿನಗಳ ಕಾಲ ಮಳೆ ಮುಂದುವರೆಯುವ ಸಾಧ್ಯತೆ ಇದೆ. ಹೀಗಾಗಿ, ಈ ಜನರಿಗೆ ತಕ್ಷಣದ ಆಶ್ರಯದ ಅಗತ್ಯವಿದೆ.
ನಗರಸಭೆಯ ನಿರ್ಲಕ್ಷ್ಯ
ಈ ಬಗ್ಗೆ ಸ್ಥಳೀಯರು ನಗರಸಭೆಯನ್ನು ಟೀಕಿಸುತ್ತಿದ್ದಾರೆ. ನಗರಸಭೆ ಈ ಜನರ ಸಮಸ್ಯೆಯನ್ನು ಕಡೆಗಣಿಸುತ್ತಿದೆ ಎಂದು ಅವರು ಆರೋಪಿಸಿದ್ದಾರೆ. ಈ ಜನರಿಗೆ ಸುರಕ್ಷಿತ ವಸತಿ ವ್ಯವಸ್ಥೆ ಕಲ್ಪಿಸುವಂತೆ ಅವರು ನಗರಸಭೆಗೆ ಮನವಿ ಮಾಡಿದ್ದಾರೆ.
ಶಾಸಕರ ಕಡೆಗೆ ಮನವಿ
ಈ ಜನರಿಗೆ ಸಹಾಯ ಮಾಡುವಂತೆ ಸ್ಥಳೀಯ ಶಾಸಕರನ್ನು ಕೂಡ ಒತ್ತಾಯಿಸಲಾಗುತ್ತಿದೆ. ಈ ಜನರ ಸಮಸ್ಯೆಯನ್ನು ಶಾಸಕರು ಗಂಭೀರವಾಗಿ ಪರಿಗಣಿಸಿ, ಅವರಿಗೆ ಸ್ಥಾಯಿ ಪರಿಹಾರ ಕಂಡುಕೊಡಬೇಕೆಂದು ಜನರು
ಒತ್ತಾಯಿಸಿದ್ದಾರೆ.
ಮಳೆ:
ಈ ವರ್ಷ ಕೊಪ್ಪಳ ಜಿಲ್ಲೆಯಲ್ಲಿ ಸಾಕಷ್ಟು
ಮಳೆಯಾಗಿದೆ. ಇದು ಜನರಿಗೆ ಸಂತೋಷದ ವಿಷಯವಾಗಿದ್ದರೂ, ಕೆಲವು ಜನರಿಗೆ ಇದು ಸಮಸ್ಯೆಯನ್ನೂ ಉಂಟುಮಾಡಿದೆ. ಮಳೆಯಿಂದಾಗಿ ಬೆಳೆಗಳು ಉತ್ತಮವಾಗಿ ಬೆಳೆಯುವ ಸಾಧ್ಯತೆ ಇದೆ. ಆದರೆ, ಮಳೆಯಿಂದಾಗಿ ಜನರ ಜೀವನೋಪಾಯಕ್ಕೆ ತೊಂದರೆ ಉಂಟಾಗುತ್ತಿದೆ.
ಸಹಾಯದ ಕೈ ಚಾಚಿ
ಈ ಸಮಸ್ಯೆಯಿಂದ ಬಳಲುತ್ತಿರುವ ಜನರಿಗೆ ಸರ್ಕಾರ ಮತ್ತು ಸ್ವಯಂಸೇವಕ ಸಂಸ್ಥೆಗಳು ಸಹಾಯ ಮಾಡಬೇಕೆಂದು ಜನರು ಒತ್ತಾಯಿಸುತ್ತಿದ್ದಾರೆ. ಈ ಜನರಿಗೆ ತಕ್ಷಣದ ಆಶ್ರಯ ಮತ್ತು ಆಹಾರದ ಅಗತ್ಯವಿದೆ. ಅವರಿಗೆ ಸ್ಥಾಯಿ ಪರಿಹಾರ ಕಂಡುಕೊಡುವಂತೆ ಸಹ ಜನರು ಒತ್ತಾಯಿಸುತ್ತಿದ್ದಾರೆ.
